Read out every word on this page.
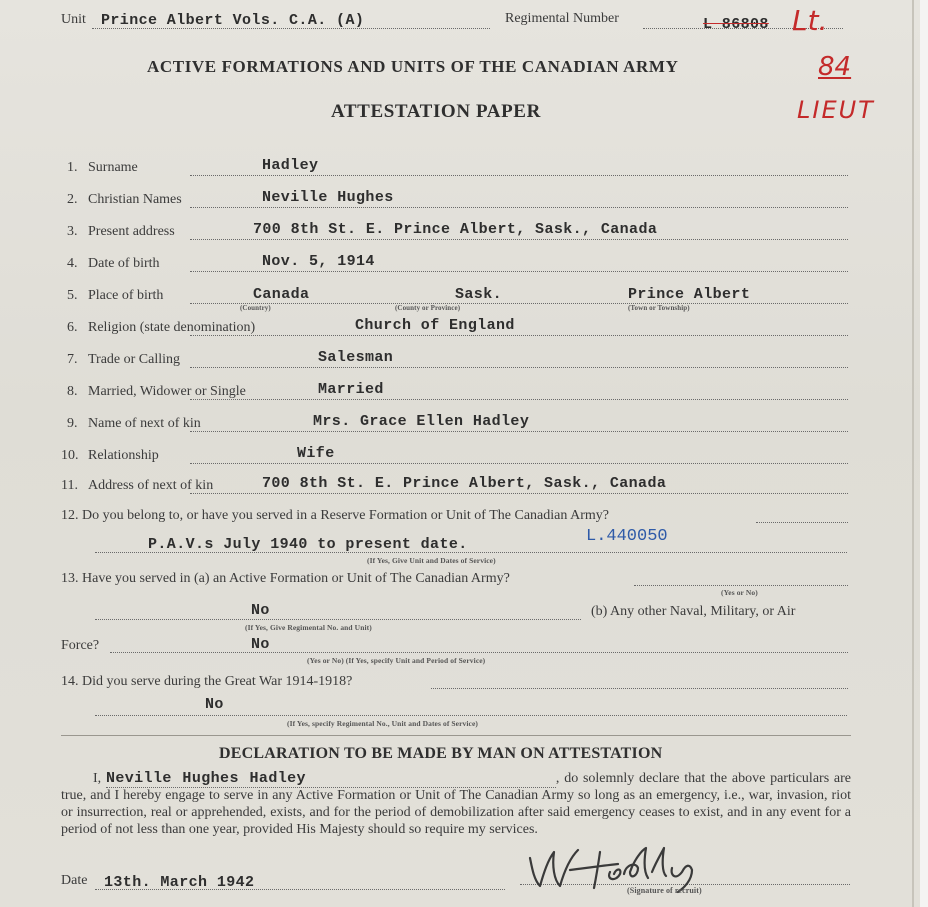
Unit Prince Albert Vols. C.A. (A)	Regimental Number	L 86808 Lt.
84
LIEUT
ACTIVE FORMATIONS AND UNITS OF THE CANADIAN ARMY
ATTESTATION PAPER
1. Surname	Hadley
2. Christian Names	Neville Hughes
3. Present address	700 8th St. E. Prince Albert, Sask., Canada
4. Date of birth	Nov. 5, 1914
5. Place of birth	Canada	Sask.	Prince Albert
(Country)	(County or Province)	(Town or Township)
6. Religion (state denomination)	Church of England
7. Trade or Calling	Salesman
8. Married, Widower or Single	Married
9. Name of next of kin	Mrs. Grace Ellen Hadley
10. Relationship	Wife
11. Address of next of kin	700 8th St. E. Prince Albert, Sask., Canada
12. Do you belong to, or have you served in a Reserve Formation or Unit of The Canadian Army?
P.A.V.s July 1940 to present date.
(If Yes, Give Unit and Dates of Service)
L.440050
13. Have you served in (a) an Active Formation or Unit of The Canadian Army?
(Yes or No)
No
(If Yes, Give Regimental No. and Unit)
(b) Any other Naval, Military, or Air
Force?	No
(Yes or No) (If Yes, specify Unit and Period of Service)
14. Did you serve during the Great War 1914-1918?
No
(If Yes, specify Regimental No., Unit and Dates of Service)
DECLARATION TO BE MADE BY MAN ON ATTESTATION
I, Neville Hughes Hadley	, do solemnly declare that the above particulars are true, and I hereby engage to serve in any Active Formation or Unit of The Canadian Army so long as an emergency, i.e., war, invasion, riot or insurrection, real or apprehended, exists, and for the period of demobilization after said emergency ceases to exist, and in any event for a period of not less than one year, provided His Majesty should so require my services.
Date 13th. March 1942	(Signature of recruit)
